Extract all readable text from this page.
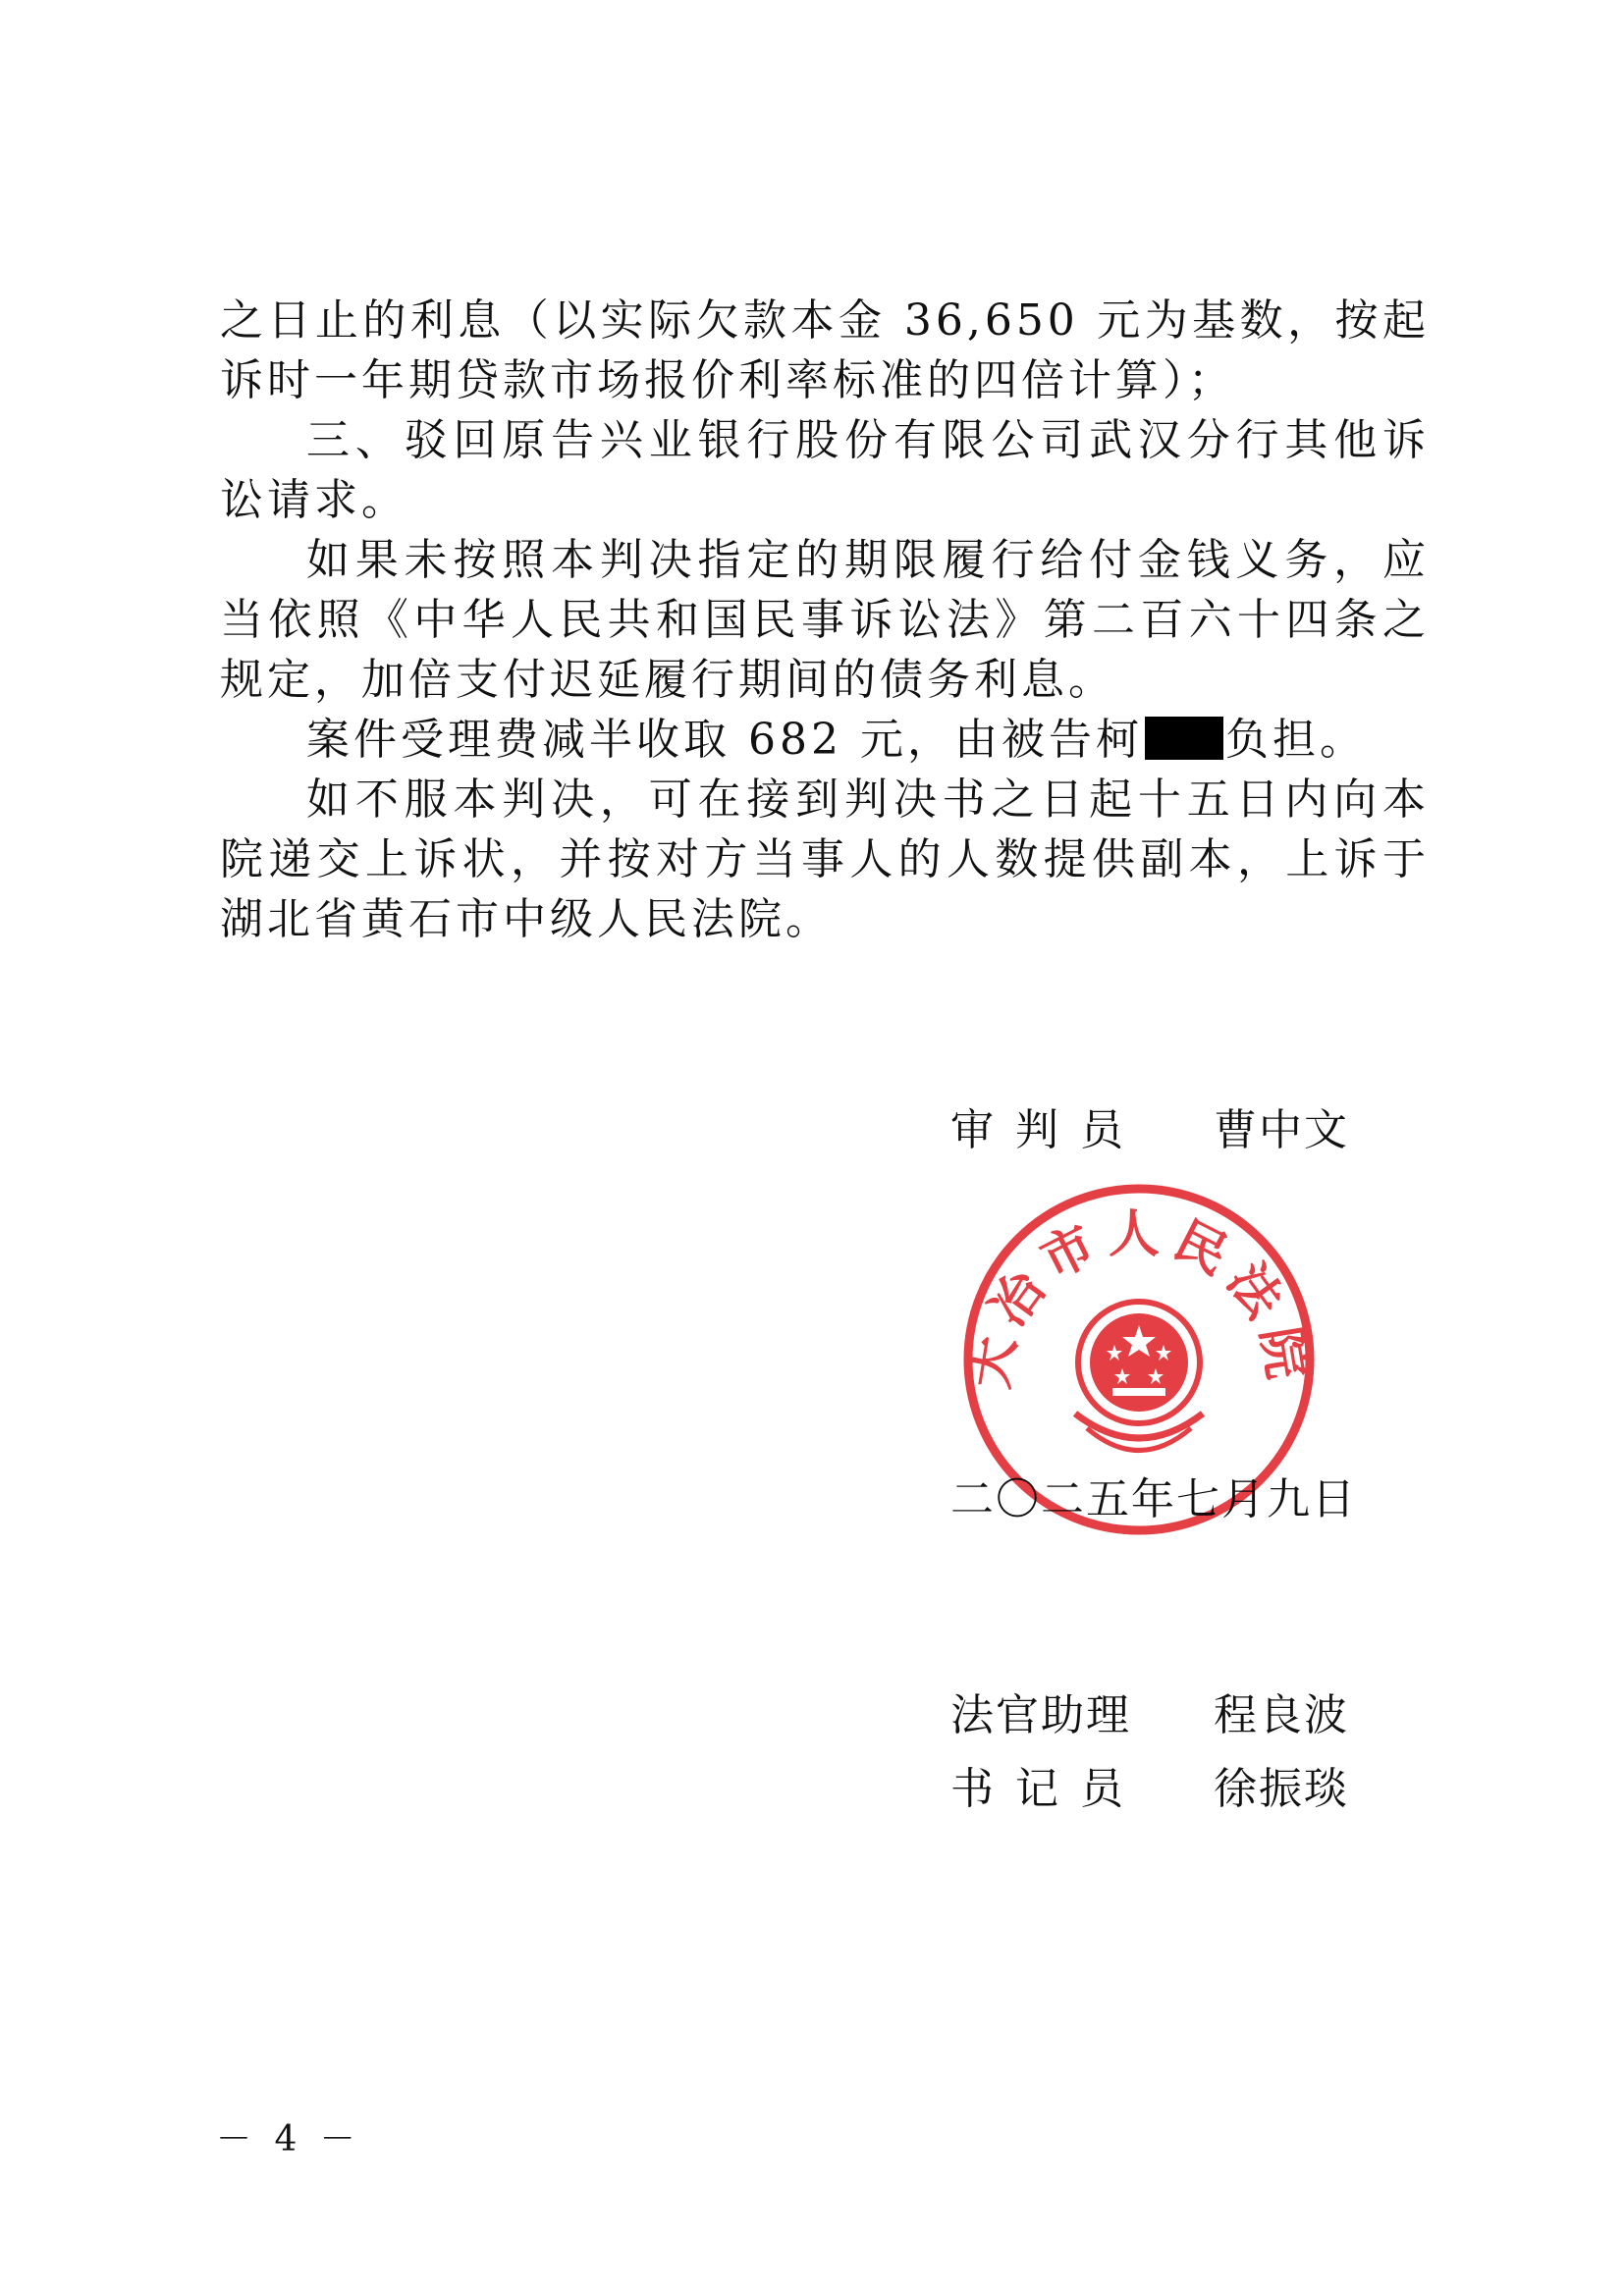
之日止的利息（以实际欠款本金 36,650 元为基数，按起诉时一年期贷款市场报价利率标准的四倍计算）；

三、驳回原告兴业银行股份有限公司武汉分行其他诉讼请求。

如果未按照本判决指定的期限履行给付金钱义务，应当依照《中华人民共和国民事诉讼法》第二百六十四条之规定，加倍支付迟延履行期间的债务利息。

案件受理费减半收取 682 元，由被告柯 负担。

如不服本判决，可在接到判决书之日起十五日内向本院递交上诉状，并按对方当事人的人数提供副本，上诉于湖北省黄石市中级人民法院。

审判员 曹中文
二〇二五年七月九日
大冶市人民法院
法官助理 程良波
书记员 徐振琰
－ 4 －
